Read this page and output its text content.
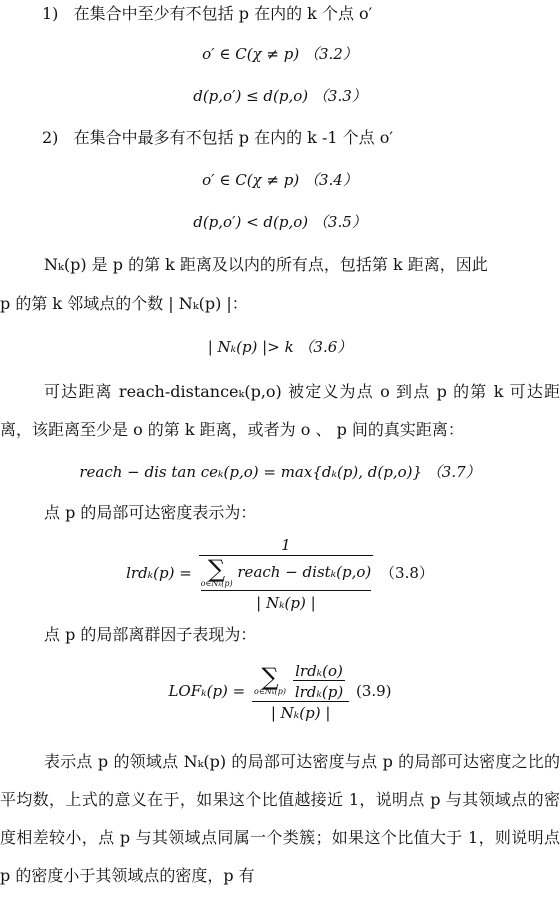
1)   在集合中至少有不包括 p 在内的 k 个点 o′
o′ ∈ C(χ ≠ p) （3.2）
d(p,o′) ≤ d(p,o) （3.3）
2)   在集合中最多有不包括 p 在内的 k -1 个点 o′
o′ ∈ C(χ ≠ p) （3.4）
d(p,o′) < d(p,o) （3.5）
Nₖ(p) 是 p 的第 k 距离及以内的所有点，包括第 k 距离，因此
p 的第 k 邻域点的个数 | Nₖ(p) |：
| Nₖ(p) |> k （3.6）
可达距离 reach-distanceₖ(p,o) 被定义为点 o 到点 p 的第 k 可达距离，该距离至少是 o 的第 k 距离，或者为 o 、 p 间的真实距离：
reach − dis tan ceₖ(p,o) = max{dₖ(p), d(p,o)} （3.7）
点 p 的局部可达密度表示为：
lrdₖ(p) =
1
∑
o∈Nₖ(p)
reach − distₖ(p,o)
| Nₖ(p) |
（3.8）
点 p 的局部离群因子表现为：
LOFₖ(p) = ∑
o∈Nₖ(p)
$\frac{\text{lrdₖ(o)}}{\text{lrdₖ(p)}}$
| Nₖ(p) |
(3.9)
表示点 p 的领域点 Nₖ(p) 的局部可达密度与点 p 的局部可达密度之比的平均数，上式的意义在于，如果这个比值越接近 1，说明点 p 与其领域点的密度相差较小，点 p 与其领域点同属一个类簇；如果这个比值大于 1，则说明点 p 的密度小于其领域点的密度，p 有
